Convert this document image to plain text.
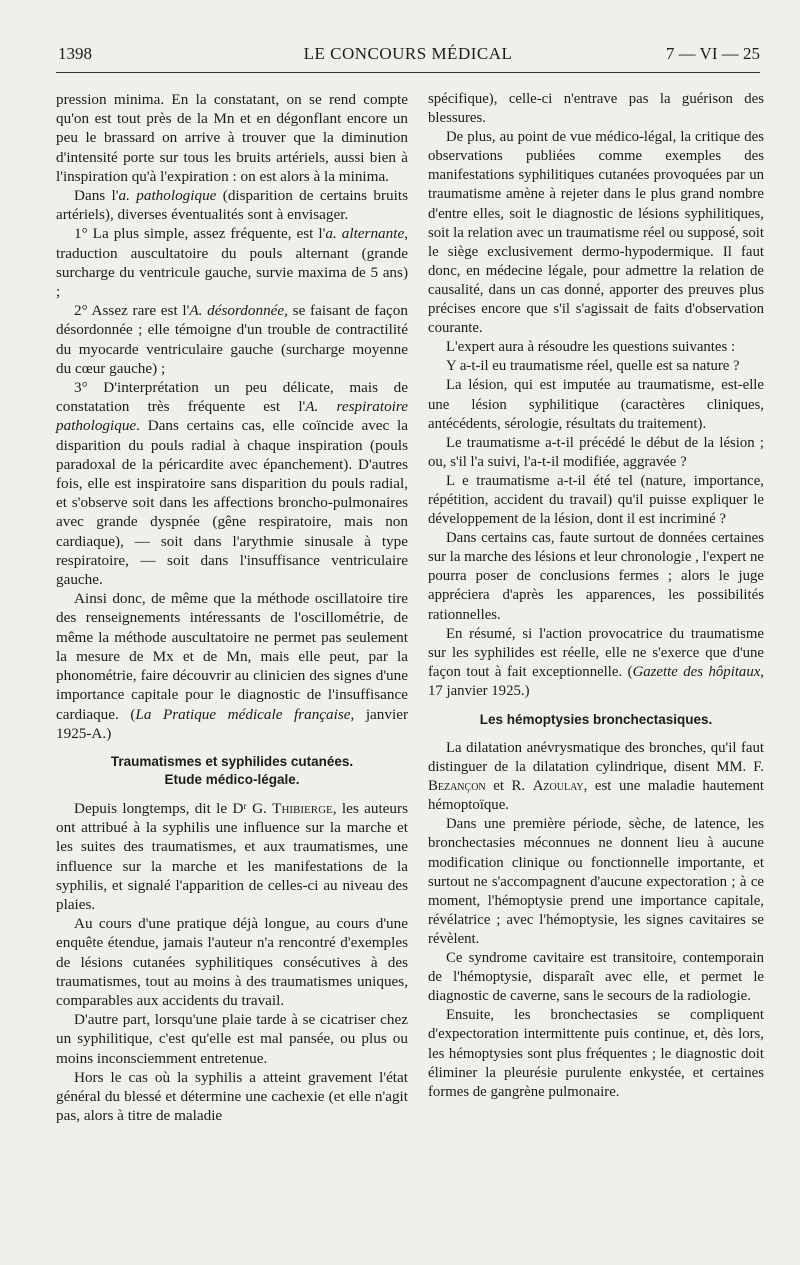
1398	LE CONCOURS MÉDICAL	7 — VI — 25

pression minima. En la constatant, on se rend compte qu'on est tout près de la Mn et en dégonflant encore un peu le brassard on arrive à trouver que la diminution d'intensité porte sur tous les bruits artériels, aussi bien à l'inspiration qu'à l'expiration : on est alors à la minima.

Dans l'a. pathologique (disparition de certains bruits artériels), diverses éventualités sont à envisager.

1° La plus simple, assez fréquente, est l'a. alternante, traduction auscultatoire du pouls alternant (grande surcharge du ventricule gauche, survie maxima de 5 ans) ;

2° Assez rare est l'A. désordonnée, se faisant de façon désordonnée ; elle témoigne d'un trouble de contractilité du myocarde ventriculaire gauche (surcharge moyenne du cœur gauche) ;

3° D'interprétation un peu délicate, mais de constatation très fréquente est l'A. respiratoire pathologique. Dans certains cas, elle coïncide avec la disparition du pouls radial à chaque inspiration (pouls paradoxal de la péricardite avec épanchement). D'autres fois, elle est inspiratoire sans disparition du pouls radial, et s'observe soit dans les affections broncho-pulmonaires avec grande dyspnée (gêne respiratoire, mais non cardiaque), — soit dans l'arythmie sinusale à type respiratoire, — soit dans l'insuffisance ventriculaire gauche.

Ainsi donc, de même que la méthode oscillatoire tire des renseignements intéressants de l'oscillométrie, de même la méthode auscultatoire ne permet pas seulement la mesure de Mx et de Mn, mais elle peut, par la phonométrie, faire découvrir au clinicien des signes d'une importance capitale pour le diagnostic de l'insuffisance cardiaque. (La Pratique médicale française, janvier 1925-A.)

Traumatismes et syphilides cutanées.
Etude médico-légale.

Depuis longtemps, dit le Dʳ G. Thibierge, les auteurs ont attribué à la syphilis une influence sur la marche et les suites des traumatismes, et aux traumatismes, une influence sur la marche et les manifestations de la syphilis, et signalé l'apparition de celles-ci au niveau des plaies.

Au cours d'une pratique déjà longue, au cours d'une enquête étendue, jamais l'auteur n'a rencontré d'exemples de lésions cutanées syphilitiques consécutives à des traumatismes, tout au moins à des traumatismes uniques, comparables aux accidents du travail.

D'autre part, lorsqu'une plaie tarde à se cicatriser chez un syphilitique, c'est qu'elle est mal pansée, ou plus ou moins inconsciemment entretenue.

Hors le cas où la syphilis a atteint gravement l'état général du blessé et détermine une cachexie (et elle n'agit pas, alors à titre de maladie

spécifique), celle-ci n'entrave pas la guérison des blessures.

De plus, au point de vue médico-légal, la critique des observations publiées comme exemples des manifestations syphilitiques cutanées provoquées par un traumatisme amène à rejeter dans le plus grand nombre d'entre elles, soit le diagnostic de lésions syphilitiques, soit la relation avec un traumatisme réel ou supposé, soit le siège exclusivement dermo-hypodermique. Il faut donc, en médecine légale, pour admettre la relation de causalité, dans un cas donné, apporter des preuves plus précises encore que s'il s'agissait de faits d'observation courante.

L'expert aura à résoudre les questions suivantes :

Y a-t-il eu traumatisme réel, quelle est sa nature ?

La lésion, qui est imputée au traumatisme, est-elle une lésion syphilitique (caractères cliniques, antécédents, sérologie, résultats du traitement).

Le traumatisme a-t-il précédé le début de la lésion ; ou, s'il l'a suivi, l'a-t-il modifiée, aggravée ?

L e traumatisme a-t-il été tel (nature, importance, répétition, accident du travail) qu'il puisse expliquer le développement de la lésion, dont il est incriminé ?

Dans certains cas, faute surtout de données certaines sur la marche des lésions et leur chronologie , l'expert ne pourra poser de conclusions fermes ; alors le juge appréciera d'après les apparences, les possibilités rationnelles.

En résumé, si l'action provocatrice du traumatisme sur les syphilides est réelle, elle ne s'exerce que d'une façon tout à fait exceptionnelle. (Gazette des hôpitaux, 17 janvier 1925.)

Les hémoptysies bronchectasiques.

La dilatation anévrysmatique des bronches, qu'il faut distinguer de la dilatation cylindrique, disent MM. F. Bezançon et R. Azoulay, est une maladie hautement hémoptoïque.

Dans une première période, sèche, de latence, les bronchectasies méconnues ne donnent lieu à aucune modification clinique ou fonctionnelle importante, et surtout ne s'accompagnent d'aucune expectoration ; à ce moment, l'hémoptysie prend une importance capitale, révélatrice ; avec l'hémoptysie, les signes cavitaires se révèlent.

Ce syndrome cavitaire est transitoire, contemporain de l'hémoptysie, disparaît avec elle, et permet le diagnostic de caverne, sans le secours de la radiologie.

Ensuite, les bronchectasies se compliquent d'expectoration intermittente puis continue, et, dès lors, les hémoptysies sont plus fréquentes ; le diagnostic doit éliminer la pleurésie purulente enkystée, et certaines formes de gangrène pulmonaire.
